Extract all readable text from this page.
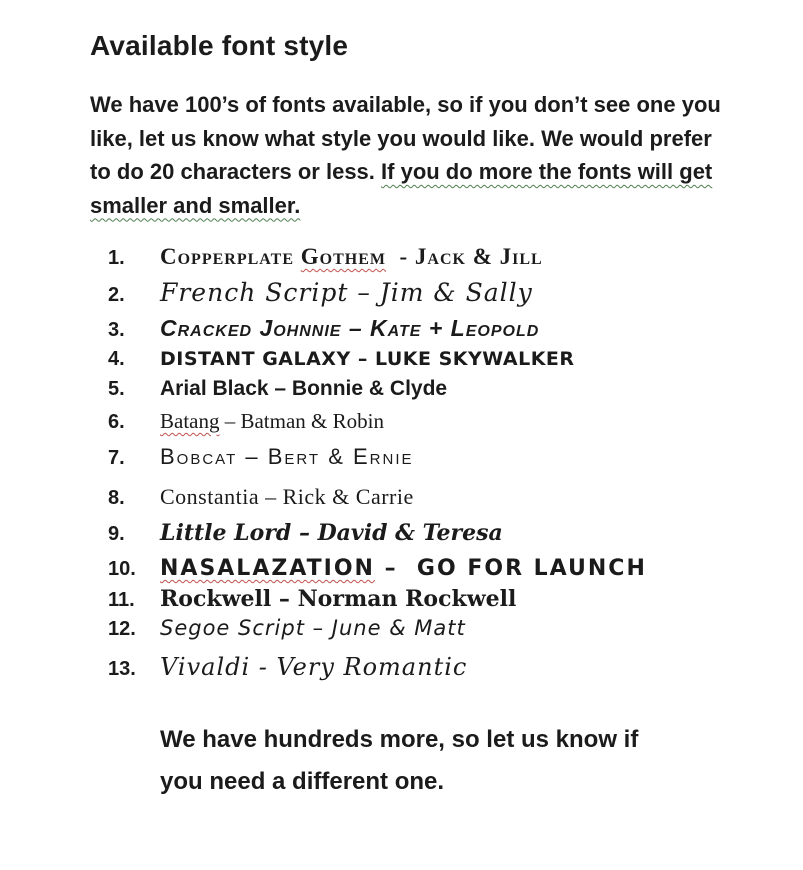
Available font style
We have 100’s of fonts available, so if you don’t see one you
like, let us know what style you would like. We would prefer
to do 20 characters or less. If you do more the fonts will get
smaller and smaller.
1.	Copperplate Gothem  - Jack & Jill
2.	French Script – Jim & Sally
3.	Cracked Johnnie – Kate + Leopold
4.	DISTANT GALAXY – LUKE SKYWALKER
5.	Arial Black – Bonnie & Clyde
6.	Batang – Batman & Robin
7.	Bobcat – Bert & Ernie
8.	Constantia – Rick & Carrie
9.	Little Lord – David & Teresa
10.	NASALAZATION –  GO FOR LAUNCH
11.	Rockwell – Norman Rockwell
12.	Segoe Script – June & Matt
13.	Vivaldi - Very Romantic
We have hundreds more, so let us know if
you need a different one.
